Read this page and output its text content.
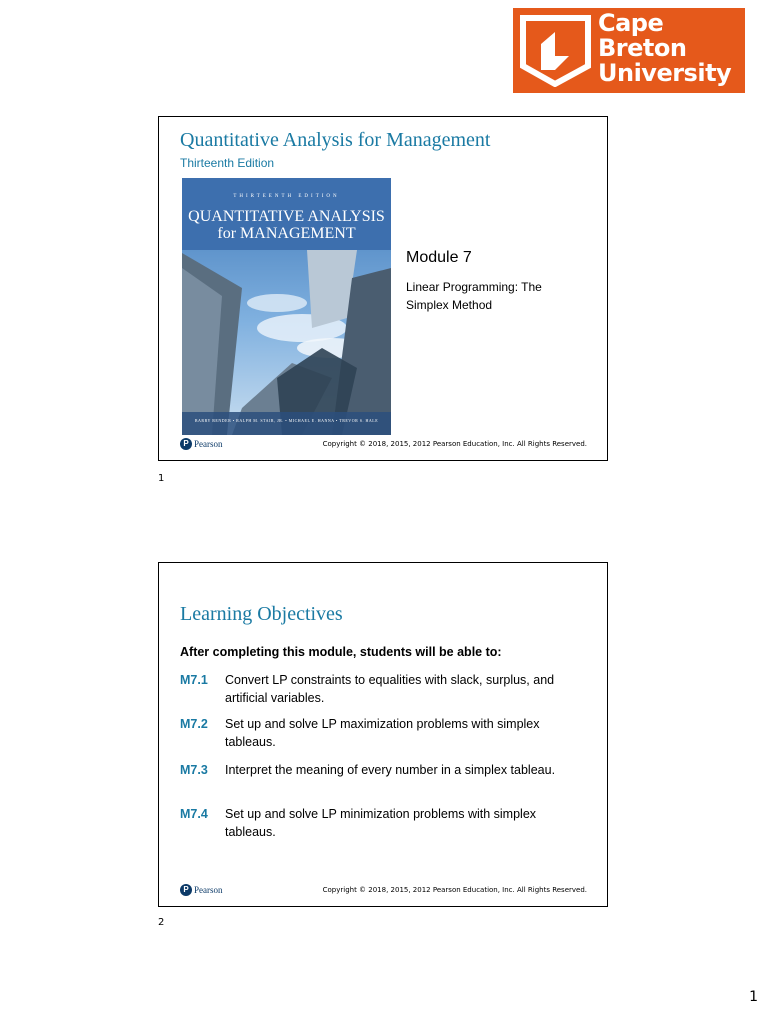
Cape
Breton
University
Quantitative Analysis for Management
Thirteenth Edition
THIRTEENTH EDITION
QUANTITATIVE ANALYSIS
for MANAGEMENT
BARRY RENDER • RALPH M. STAIR, JR. • MICHAEL E. HANNA • TREVOR S. HALE
Module 7
Linear Programming: The Simplex Method
P Pearson	Copyright © 2018, 2015, 2012 Pearson Education, Inc. All Rights Reserved.
1
Learning Objectives
After completing this module, students will be able to:
M7.1 Convert LP constraints to equalities with slack, surplus, and artificial variables.
M7.2 Set up and solve LP maximization problems with simplex tableaus.
M7.3 Interpret the meaning of every number in a simplex tableau.
M7.4 Set up and solve LP minimization problems with simplex tableaus.
P Pearson	Copyright © 2018, 2015, 2012 Pearson Education, Inc. All Rights Reserved.
2
1
